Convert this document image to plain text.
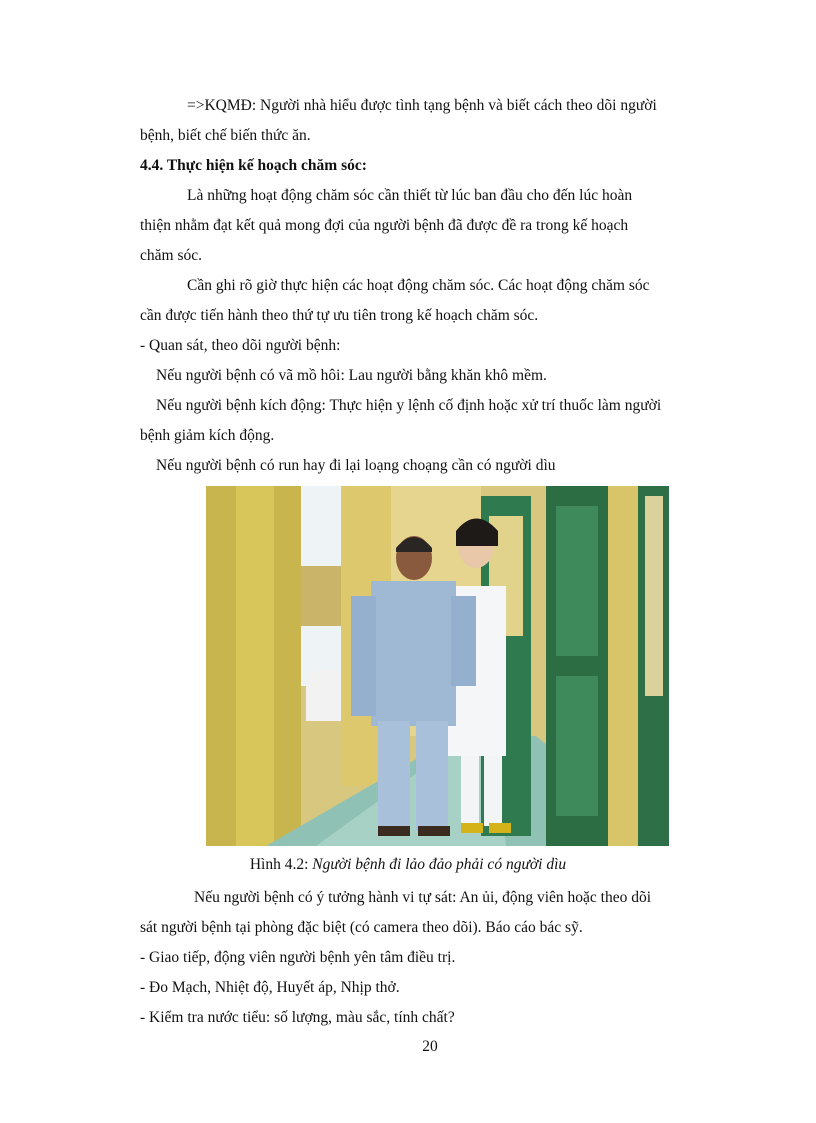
=>KQMĐ: Người nhà hiểu được tình tạng bệnh và biết cách theo dõi người
bệnh, biết chế biến thức ăn.
4.4. Thực hiện kế hoạch chăm sóc:
Là những hoạt động chăm sóc cần thiết từ lúc ban đầu cho đến lúc hoàn
thiện nhằm đạt kết quả mong đợi của người bệnh đã được đề ra trong kế hoạch
chăm sóc.
Cần ghi rõ giờ thực hiện các hoạt động chăm sóc. Các hoạt động chăm sóc
cần được tiến hành theo thứ tự ưu tiên trong kế hoạch chăm sóc.
- Quan sát, theo dõi người bệnh:
Nếu người bệnh có vã mồ hôi: Lau người bằng khăn khô mềm.
Nếu người bệnh kích động: Thực hiện y lệnh cố định hoặc xử trí thuốc làm người
bệnh giảm kích động.
Nếu người bệnh có run hay đi lại loạng choạng cần có người dìu
Hình 4.2: Người bệnh đi lảo đảo phải có người dìu
Nếu người bệnh có ý tưởng hành vi tự sát: An ủi, động viên hoặc theo dõi
sát người bệnh tại phòng đặc biệt (có camera theo dõi). Báo cáo bác sỹ.
- Giao tiếp, động viên người bệnh yên tâm điều trị.
- Đo Mạch, Nhiệt độ, Huyết áp, Nhịp thở.
- Kiểm tra nước tiểu: số lượng, màu sắc, tính chất?
20
